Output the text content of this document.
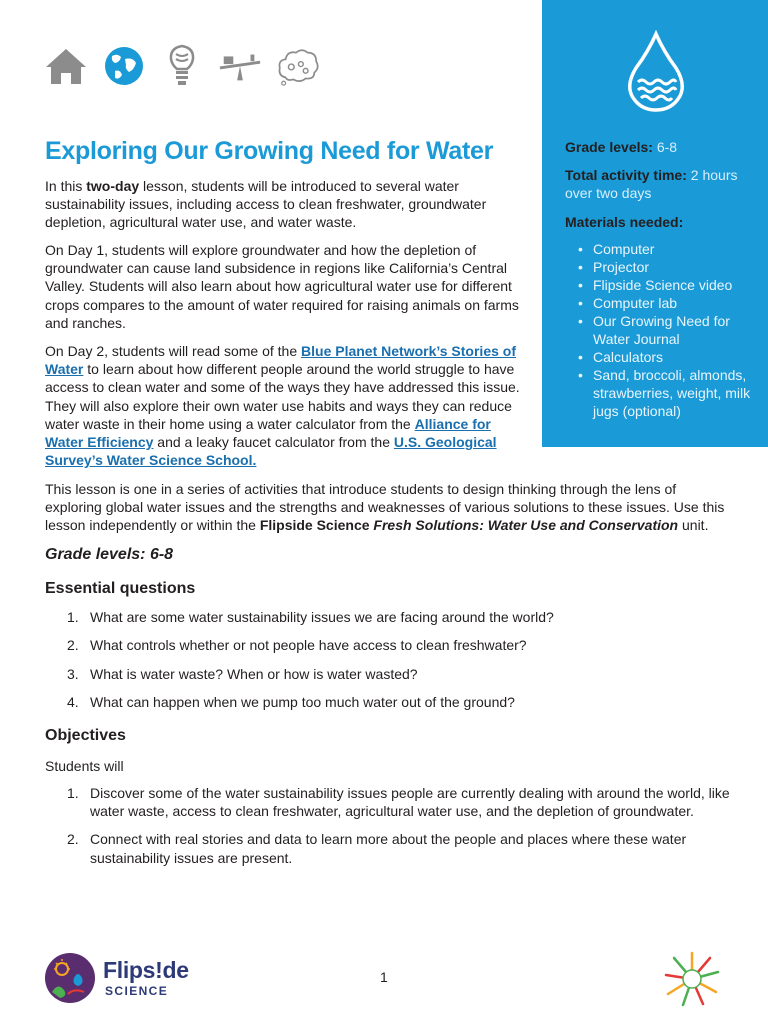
Grade levels: 6-8
Total activity time: 2 hours over two days
Materials needed:
• Computer
• Projector
• Flipside Science video
• Computer lab
• Our Growing Need for Water Journal
• Calculators
• Sand, broccoli, almonds, strawberries, weight, milk jugs (optional)
Exploring Our Growing Need for Water

In this two-day lesson, students will be introduced to several water sustainability issues, including access to clean freshwater, groundwater depletion, agricultural water use, and water waste.

On Day 1, students will explore groundwater and how the depletion of groundwater can cause land subsidence in regions like California’s Central Valley. Students will also learn about how agricultural water use for different crops compares to the amount of water required for raising animals on farms and ranches.

On Day 2, students will read some of the Blue Planet Network’s Stories of Water to learn about how different people around the world struggle to have access to clean water and some of the ways they have addressed this issue. They will also explore their own water use habits and ways they can reduce water waste in their home using a water calculator from the Alliance for Water Efficiency and a leaky faucet calculator from the U.S. Geological Survey’s Water Science School.

This lesson is one in a series of activities that introduce students to design thinking through the lens of exploring global water issues and the strengths and weaknesses of various solutions to these issues. Use this lesson independently or within the Flipside Science Fresh Solutions: Water Use and Conservation unit.

Grade levels: 6-8
Essential questions
1. What are some water sustainability issues we are facing around the world?
2. What controls whether or not people have access to clean freshwater?
3. What is water waste? When or how is water wasted?
4. What can happen when we pump too much water out of the ground?
Objectives
Students will
1. Discover some of the water sustainability issues people are currently dealing with around the world, like water waste, access to clean freshwater, agricultural water use, and the depletion of groundwater.
2. Connect with real stories and data to learn more about the people and places where these water sustainability issues are present.
Flips!de
SCIENCE
1
